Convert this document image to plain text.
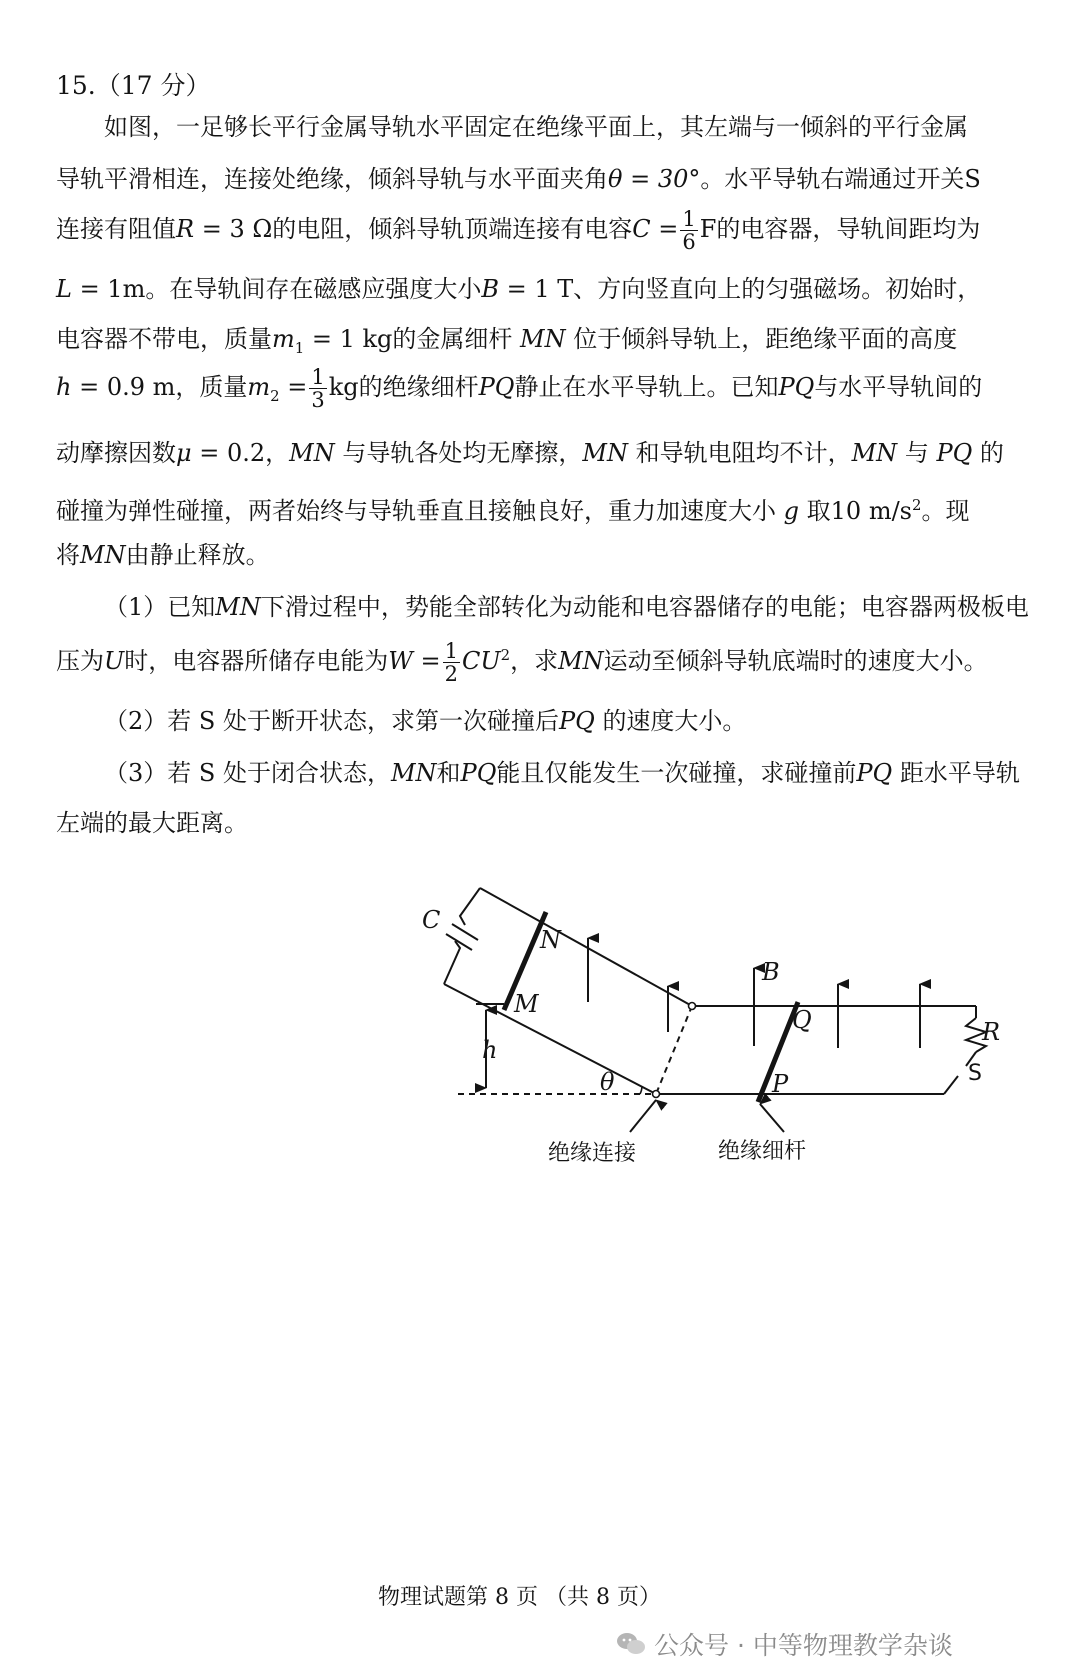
15.（17 分）
如图，一足够长平行金属导轨水平固定在绝缘平面上，其左端与一倾斜的平行金属
导轨平滑相连，连接处绝缘，倾斜导轨与水平面夹角θ = 30°。水平导轨右端通过开关S
连接有阻值R = 3 Ω的电阻，倾斜导轨顶端连接有电容$C = \frac{1}{6}$ F的电容器，导轨间距均为
L = 1m。在导轨间存在磁感应强度大小B = 1 T、方向竖直向上的匀强磁场。初始时，
电容器不带电，质量$m_1 = 1$ kg的金属细杆 MN 位于倾斜导轨上，距绝缘平面的高度
h = 0.9 m，质量$m_2 = \frac{1}{3}$ kg的绝缘细杆PQ静止在水平导轨上。已知PQ与水平导轨间的
动摩擦因数μ = 0.2，MN 与导轨各处均无摩擦，MN 和导轨电阻均不计，MN 与 PQ 的
碰撞为弹性碰撞，两者始终与导轨垂直且接触良好，重力加速度大小 g 取10 $m/s^2$。现
将MN由静止释放。
（1）已知MN下滑过程中，势能全部转化为动能和电容器储存的电能；电容器两极板电
压为U时，电容器所储存电能为$W = \frac{1}{2} CU^2$，求MN运动至倾斜导轨底端时的速度大小。
（2）若 S 处于断开状态，求第一次碰撞后PQ 的速度大小。
（3）若 S 处于闭合状态，MN和PQ能且仅能发生一次碰撞，求碰撞前PQ 距水平导轨
左端的最大距离。
C
N
M
h
θ
B
Q
P
R
S
绝缘连接	绝缘细杆
物理试题第 8 页 （共 8 页）
公众号 · 中等物理教学杂谈
